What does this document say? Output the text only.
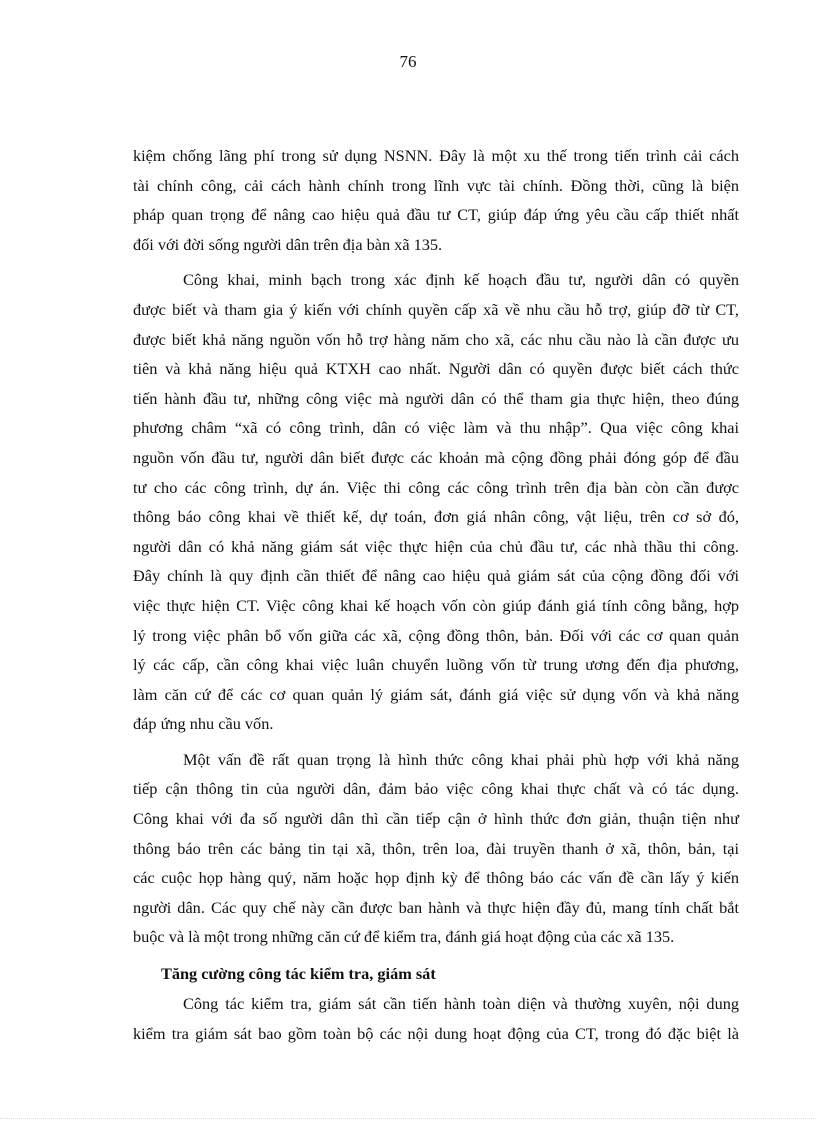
76
kiệm chống lãng phí trong sử dụng NSNN. Đây là một xu thế trong tiến trình cải cách
tài chính công, cải cách hành chính trong lĩnh vực tài chính. Đồng thời, cũng là biện
pháp quan trọng để nâng cao hiệu quả đầu tư CT, giúp đáp ứng yêu cầu cấp thiết nhất
đối với đời sống người dân trên địa bàn xã 135.
Công khai, minh bạch trong xác định kế hoạch đầu tư, người dân có quyền
được biết và tham gia ý kiến với chính quyền cấp xã về nhu cầu hỗ trợ, giúp đỡ từ CT,
được biết khả năng nguồn vốn hỗ trợ hàng năm cho xã, các nhu cầu nào là cần được ưu
tiên và khả năng hiệu quả KTXH cao nhất. Người dân có quyền được biết cách thức
tiến hành đầu tư, những công việc mà người dân có thể tham gia thực hiện, theo đúng
phương châm “xã có công trình, dân có việc làm và thu nhập”. Qua việc công khai
nguồn vốn đầu tư, người dân biết được các khoản mà cộng đồng phải đóng góp để đầu
tư cho các công trình, dự án. Việc thi công các công trình trên địa bàn còn cần được
thông báo công khai về thiết kế, dự toán, đơn giá nhân công, vật liệu, trên cơ sở đó,
người dân có khả năng giám sát việc thực hiện của chủ đầu tư, các nhà thầu thi công.
Đây chính là quy định cần thiết để nâng cao hiệu quả giám sát của cộng đồng đối với
việc thực hiện CT. Việc công khai kế hoạch vốn còn giúp đánh giá tính công bằng, hợp
lý trong việc phân bổ vốn giữa các xã, cộng đồng thôn, bản. Đối với các cơ quan quản
lý các cấp, cần công khai việc luân chuyển luồng vốn từ trung ương đến địa phương,
làm căn cứ để các cơ quan quản lý giám sát, đánh giá việc sử dụng vốn và khả năng
đáp ứng nhu cầu vốn.
Một vấn đề rất quan trọng là hình thức công khai phải phù hợp với khả năng
tiếp cận thông tin của người dân, đảm bảo việc công khai thực chất và có tác dụng.
Công khai với đa số người dân thì cần tiếp cận ở hình thức đơn giản, thuận tiện như
thông báo trên các bảng tin tại xã, thôn, trên loa, đài truyền thanh ở xã, thôn, bản, tại
các cuộc họp hàng quý, năm hoặc họp định kỳ để thông báo các vấn đề cần lấy ý kiến
người dân. Các quy chế này cần được ban hành và thực hiện đầy đủ, mang tính chất bắt
buộc và là một trong những căn cứ để kiểm tra, đánh giá hoạt động của các xã 135.
Tăng cường công tác kiểm tra, giám sát
Công tác kiểm tra, giám sát cần tiến hành toàn diện và thường xuyên, nội dung
kiểm tra giám sát bao gồm toàn bộ các nội dung hoạt động của CT, trong đó đặc biệt là
